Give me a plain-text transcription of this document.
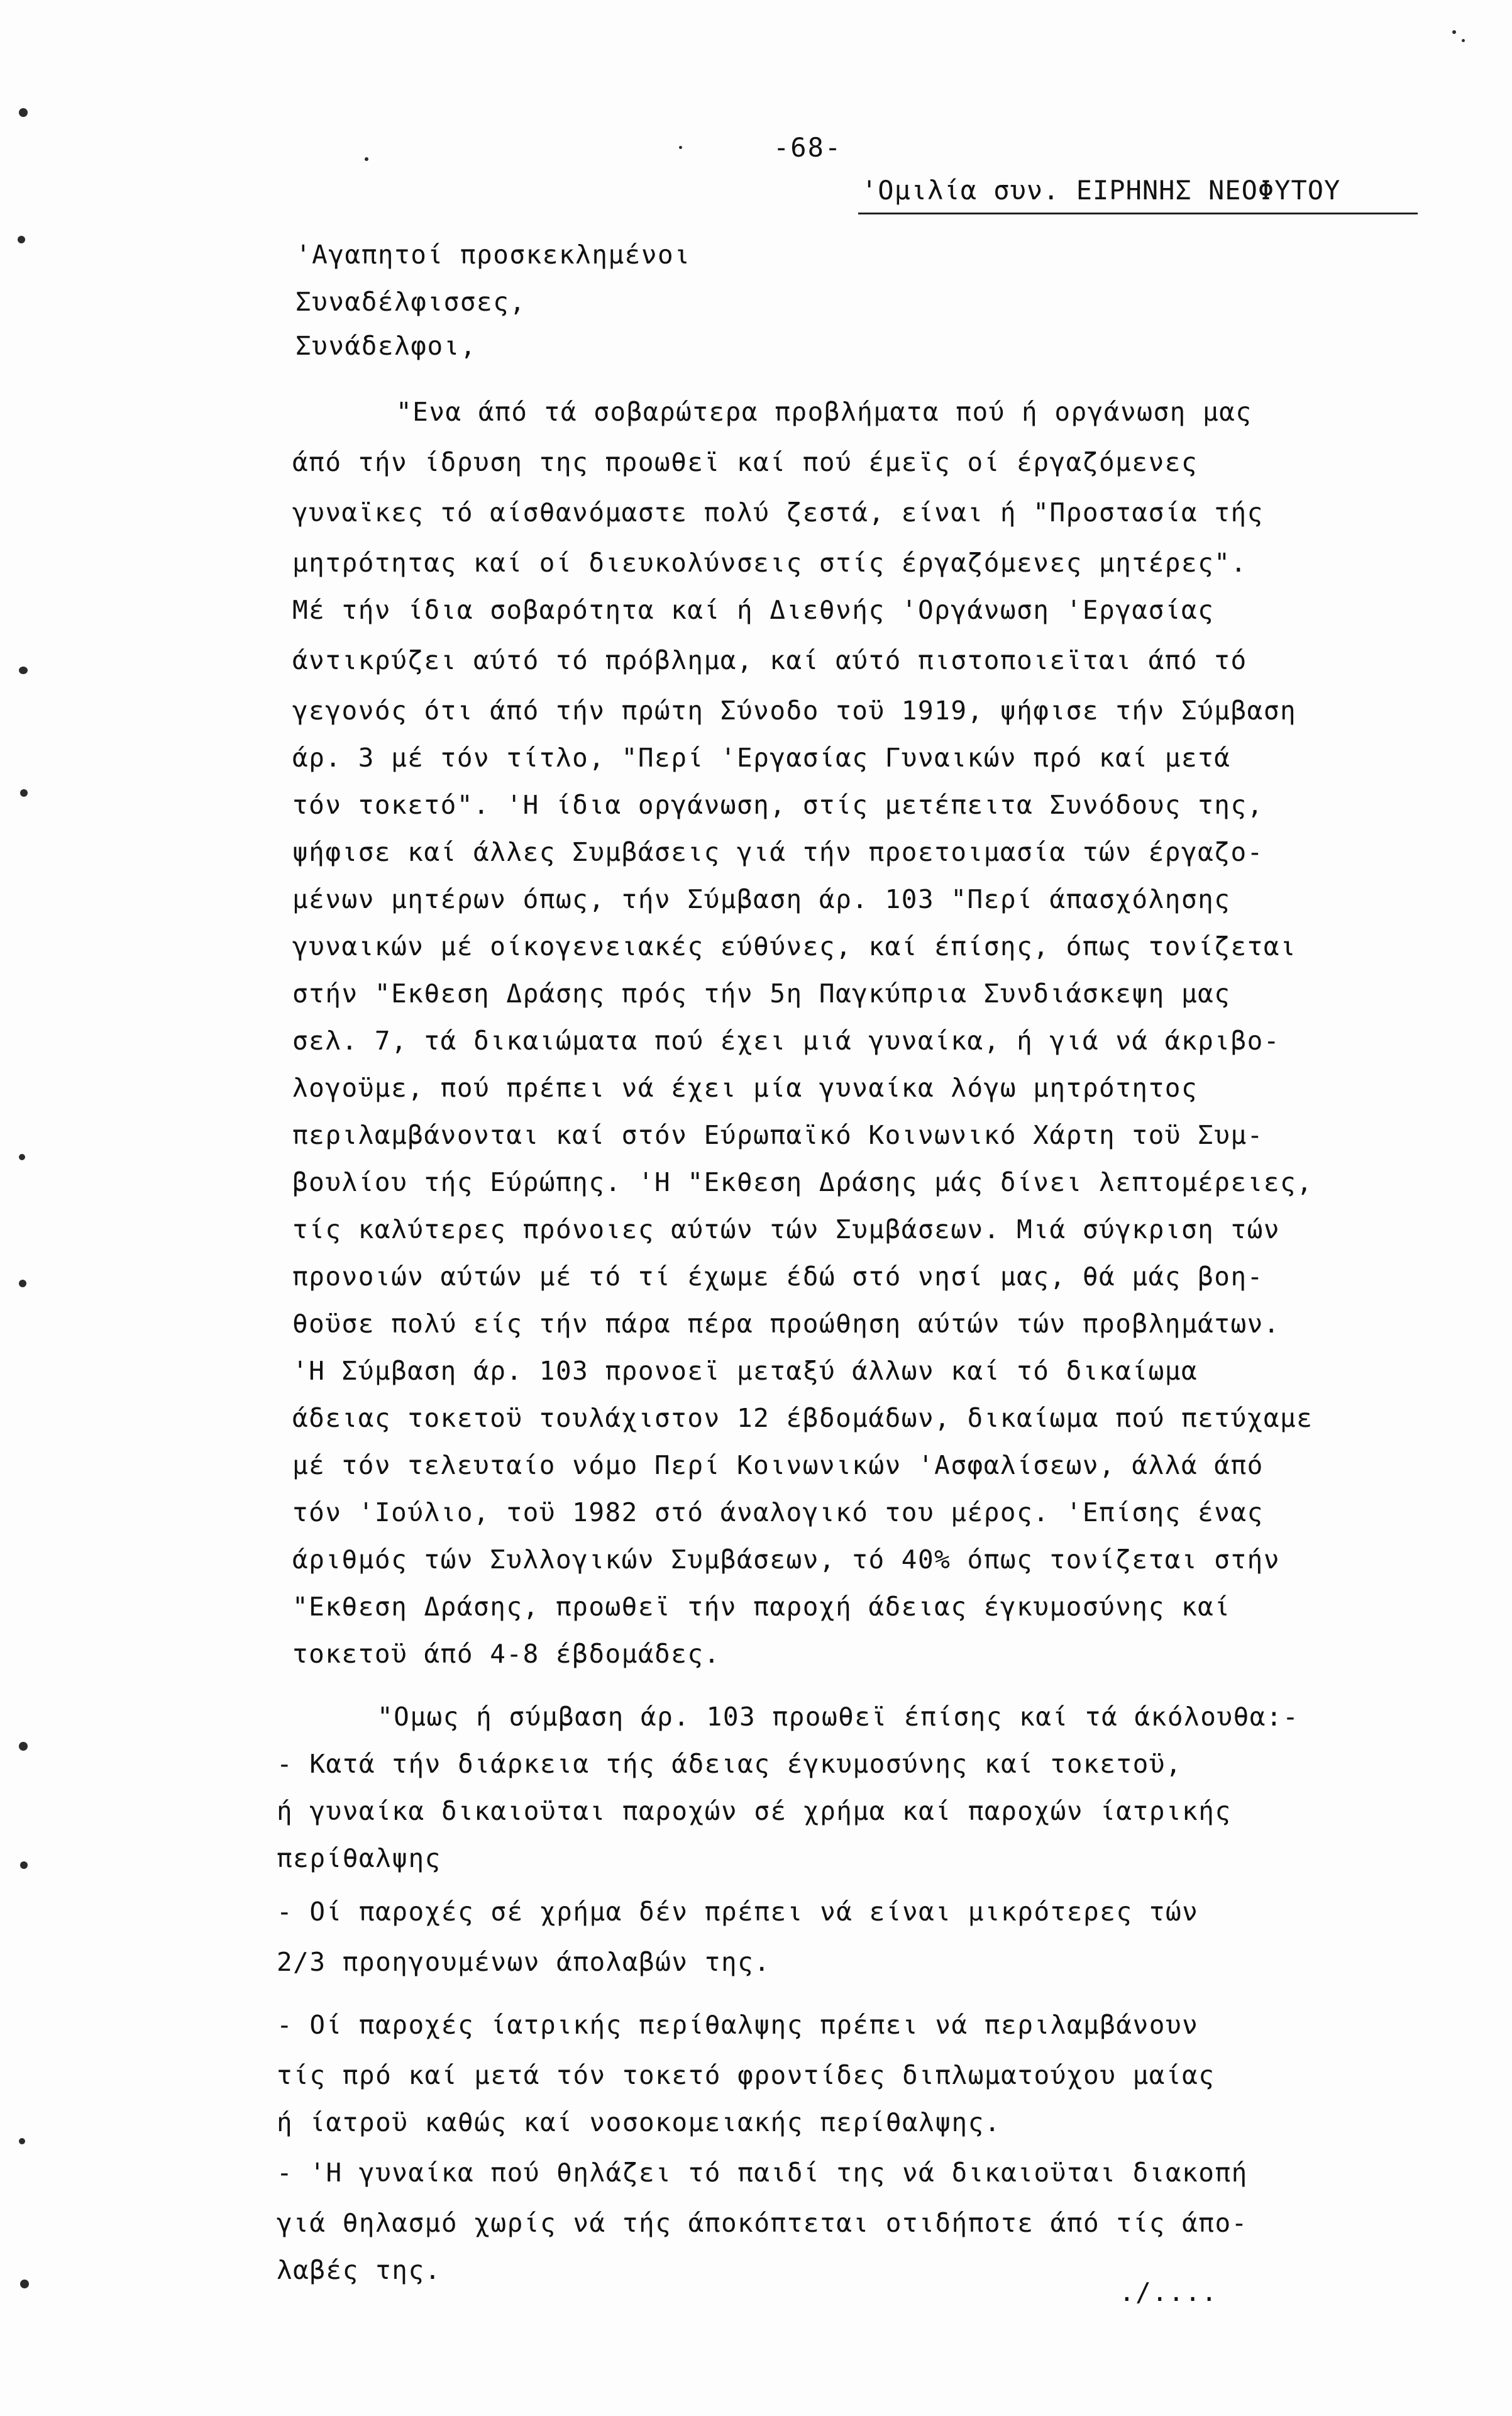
-68-
'Ομιλία συν. ΕΙΡΗΝΗΣ ΝΕΟΦΥΤΟΥ
'Αγαπητοί προσκεκλημένοι
Συναδέλφισσες,
Συνάδελφοι,
"Ενα άπό τά σοβαρώτερα προβλήματα πού ή οργάνωση μας
άπό τήν ίδρυση της προωθεϊ καί πού έμεϊς οί έργαζόμενες
γυναϊκες τό αίσθανόμαστε πολύ ζεστά, είναι ή "Προστασία τής
μητρότητας καί οί διευκολύνσεις στίς έργαζόμενες μητέρες".
Μέ τήν ίδια σοβαρότητα καί ή Διεθνής 'Οργάνωση 'Εργασίας
άντικρύζει αύτό τό πρόβλημα, καί αύτό πιστοποιεϊται άπό τό
γεγονός ότι άπό τήν πρώτη Σύνοδο τοϋ 1919, ψήφισε τήν Σύμβαση
άρ. 3 μέ τόν τίτλο, "Περί 'Εργασίας Γυναικών πρό καί μετά
τόν τοκετό". 'Η ίδια οργάνωση, στίς μετέπειτα Συνόδους της,
ψήφισε καί άλλες Συμβάσεις γιά τήν προετοιμασία τών έργαζο-
μένων μητέρων όπως, τήν Σύμβαση άρ. 103 "Περί άπασχόλησης
γυναικών μέ οίκογενειακές εύθύνες, καί έπίσης, όπως τονίζεται
στήν "Εκθεση Δράσης πρός τήν 5η Παγκύπρια Συνδιάσκεψη μας
σελ. 7, τά δικαιώματα πού έχει μιά γυναίκα, ή γιά νά άκριβο-
λογοϋμε, πού πρέπει νά έχει μία γυναίκα λόγω μητρότητος
περιλαμβάνονται καί στόν Εύρωπαϊκό Κοινωνικό Χάρτη τοϋ Συμ-
βουλίου τής Εύρώπης. 'Η "Εκθεση Δράσης μάς δίνει λεπτομέρειες,
τίς καλύτερες πρόνοιες αύτών τών Συμβάσεων. Μιά σύγκριση τών
προνοιών αύτών μέ τό τί έχωμε έδώ στό νησί μας, θά μάς βοη-
θοϋσε πολύ είς τήν πάρα πέρα προώθηση αύτών τών προβλημάτων.
'Η Σύμβαση άρ. 103 προνοεϊ μεταξύ άλλων καί τό δικαίωμα
άδειας τοκετοϋ τουλάχιστον 12 έβδομάδων, δικαίωμα πού πετύχαμε
μέ τόν τελευταίο νόμο Περί Κοινωνικών 'Ασφαλίσεων, άλλά άπό
τόν 'Ιούλιο, τοϋ 1982 στό άναλογικό του μέρος. 'Επίσης ένας
άριθμός τών Συλλογικών Συμβάσεων, τό 40% όπως τονίζεται στήν
"Εκθεση Δράσης, προωθεϊ τήν παροχή άδειας έγκυμοσύνης καί
τοκετοϋ άπό 4-8 έβδομάδες.
"Ομως ή σύμβαση άρ. 103 προωθεϊ έπίσης καί τά άκόλουθα:-
- Κατά τήν διάρκεια τής άδειας έγκυμοσύνης καί τοκετοϋ,
ή γυναίκα δικαιοϋται παροχών σέ χρήμα καί παροχών ίατρικής
περίθαλψης
- Οί παροχές σέ χρήμα δέν πρέπει νά είναι μικρότερες τών
2/3 προηγουμένων άπολαβών της.
- Οί παροχές ίατρικής περίθαλψης πρέπει νά περιλαμβάνουν
τίς πρό καί μετά τόν τοκετό φροντίδες διπλωματούχου μαίας
ή ίατροϋ καθώς καί νοσοκομειακής περίθαλψης.
- 'Η γυναίκα πού θηλάζει τό παιδί της νά δικαιοϋται διακοπή
γιά θηλασμό χωρίς νά τής άποκόπτεται οτιδήποτε άπό τίς άπο-
λαβές της.
./....
